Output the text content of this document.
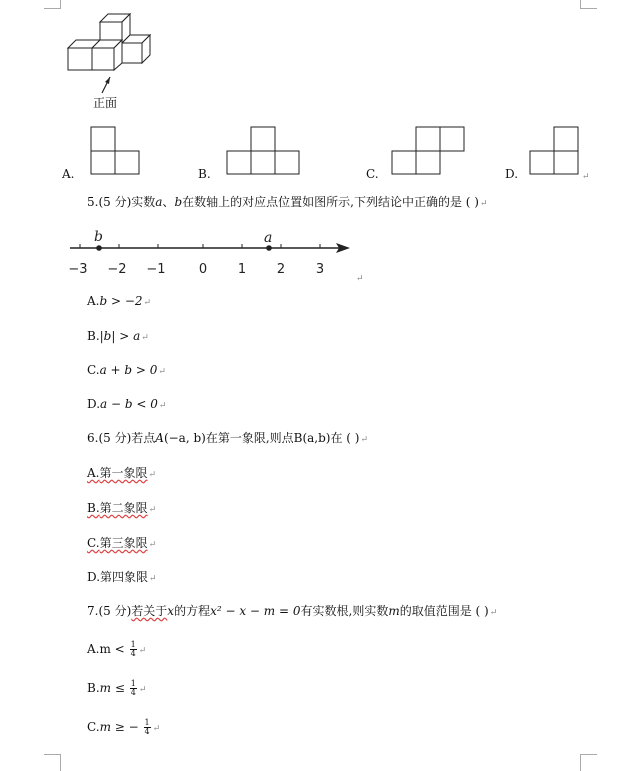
正面
A.	B.	C.	D.	↵
5.(5 分)实数a、b在数轴上的对应点位置如图所示,下列结论中正确的是 ( )↵
b	a
−3 −2 −1	0 1 2 3
↵
A.b > −2↵
B.|b| > a↵
C.a + b > 0↵
D.a − b < 0↵
6.(5 分)若点A(−a, b)在第一象限,则点B(a,b)在 ( )↵
A.第一象限↵
B.第二象限↵
C.第三象限↵
D.第四象限↵
7.(5 分)若关于x的方程x² − x − m = 0有实数根,则实数m的取值范围是 ( )↵
$A.m < \frac{1}{4}$ ↵
$B.m \le \frac{1}{4}$ ↵
C.m ≥ − $\frac{1}{4}$ ↵
